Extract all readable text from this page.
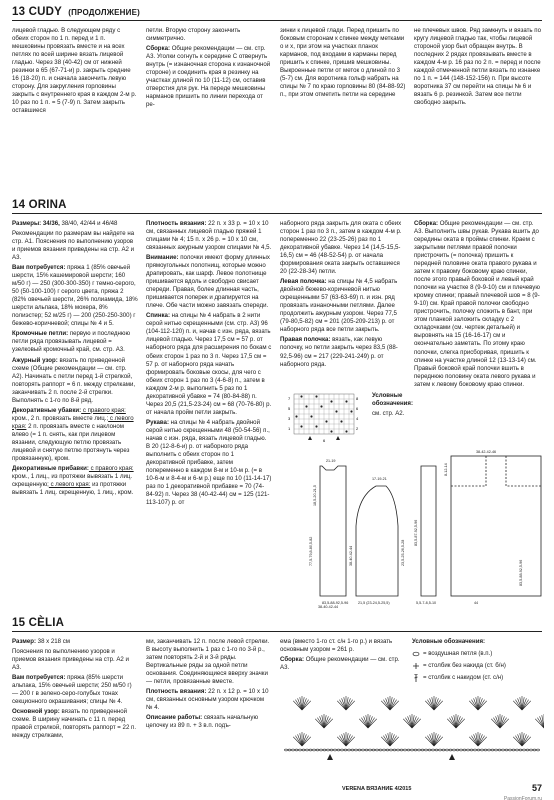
13 CUDY (ПРОДОЛЖЕНИЕ)

лицевой гладью. В следующем ряду с обеих сторон по 1 п. перед и 1 п. мешковины провязать вместе и на всех петлях по всей ширине вязать лицевой гладью. Через 38 (40-42) см от нижней резинки в 65 (67-71-и) р. закрыть средние 16 (18-20) п. и сначала закончить левую сторону. Для закругления горловины закрыть с внутреннего края в каждом 2-м р. 10 раз по 1 п. = 5 (7-9) п. Затем закрыть оставшиеся

петли. Вторую сторону закончить симметрично.

Сборка: Общие рекомендации — см. стр. А3. Уголки согнуть к середине С отвернуть внутрь (= изнаночная сторона к изнаночной стороне) и соединить края в резинку на участках длиной по 10 (11-12) см, оставив отверстия для рук. На переде мешковины нарманов пришить по линии перехода от ре-

зинки к лицевой глади. Перед пришить по боковым сторонам к спинке между метками о и х, при этом на участках планок карманов, под входами в карманы перед пришить к спинке, пришив мешковины. Выкроенные петли от меток о длиной по 3 (5-7) см. Для воротника гольф набрать на спицы № 7 по краю горловины 80 (84-88-92) п., при этом отметить петли на середине

не плечевых швов. Ряд замкнуть и вязать по кругу лицевой гладью так, чтобы лицевой стороной узор был обращен внутрь. В последних 2 рядах провязывать вместе в каждом 4-м р. 16 раз по 2 п. = перед и после каждой отмеченной петли вязать по изнанке по 1 п. = 144 (148-152-156) п. При высоте воротника 37 см перейти на спицы № 6 и вязать 6 р. резинкой. Затем все петли свободно закрыть.

14 ORINA

Размеры: 34/36, 38/40, 42/44 и 46/48

Рекомендации по размерам вы найдете на стр. А1. Пояснения по выполнению узоров и приемов вязания приведены на стр. А2 и А3.

Вам потребуется: пряжа 1 (85% овечьей шерсти, 15% кашемировой шерсти; 160 м/50 г) — 250 (300-300-350) г темно-серого, 50 (50-100-100) г серого цвета, пряжа 2 (82% овечьей шерсти, 26% полиамида, 18% шерсти альпака, 18% мохера, 8% полиэстер; 52 м/25 г) — 200 (250-250-300) г бежево-коричневой; спицы № 4 и 5.

Кромочные петли: первую и последнюю петли ряда провязывать лицевой = узелковый кромочный край, см. стр. А3.

Ажурный узор: вязать по приведенной схеме (Общие рекомендации — см. стр. А2). Начинать с петли перед 1-й стрелкой, повторять раппорт = 6 п. между стрелками, заканчивать 2 п. после 2-й стрелки. Выполнять с 1-го по 8-й ряд.

Декоративные убавки: с правого края: кром., 2 п. провязать вместе лиц.; с левого края: 2 п. провязать вместе с наклоном влево (= 1 п. снять, как при лицевом вязании, следующую петлю провязать лицевой и снятую петлю протянуть через провязанную), кром.

Декоративные прибавки: с правого края: кром., 1 лиц., из протяжки вывязать 1 лиц. скрещенную; с левого края: из протяжки вывязать 1 лиц. скрещенную, 1 лиц., кром.

Плотность вязания: 22 п. х 33 р. = 10 х 10 см, связанных лицевой гладью пряжей 1 спицами № 4; 15 п. х 26 р. = 10 х 10 см, связанных ажурным узором спицами № 4,5.

Внимание: полочки имеют форму длинных прямоугольных полотнищ, которые можно драпировать, как шарф. Левое полотнище пришивается вдоль и свободно свисает спереди. Правая, более длинная часть, пришивается поперек и драпируется на плече. Обе части можно завязать спереди.

Спинка: на спицы № 4 набрать в 2 нити серой нитью скрещенными (см. стр. А3) 96 (104-112-120) п. и, начав с изн. ряда, вязать лицевой гладью. Через 17,5 см = 57 р. от наборного ряда для расширения по бокам с обеих сторон 1 раз по 3 п. Через 17,5 см = 57 р. от наборного ряда начать формировать боковые скосы, для чего с обеих сторон 1 раз по 3 (4-6-8) п., затем в каждом 2-м р. выполнить 5 раз по 1 декоративной убавке = 74 (80-84-88) п. Через 20,5 (21,5-23-24) см = 68 (70-76-80) р. от начала пройм петли закрыть.

Рукава: на спицы № 4 набрать двойной серой нитью скрещенными 48 (50-54-56) п., начав с изн. ряда, вязать лицевой гладью. В 20 (12-8-6-и) р. от наборного ряда выполнить с обеих сторон по 1 декоративной прибавке, затем попеременно в каждом 8-м и 10-м р. (= в 10-6-м и 8-4-м и 6-м р.) еще по 10 (11-14-17) раз по 1 декоративной прибавке = 70 (74-84-92) п. Через 38 (40-42-44) см = 125 (121-113-107) р. от

наборного ряда закрыть для оката с обеих сторон 1 раз по 3 п., затем в каждом 4-м р. попеременно 22 (23-25-26) раз по 1 декоративной убавке. Через 14 (14,5-15,5-16,5) см = 46 (48-52-54) р. от начала формирования оката закрыть оставшиеся 20 (22-28-34) петли.

Левая полочка: на спицы № 4,5 набрать двойной бежево-коричневой нитью скрещенными 57 (63-63-69) п. и изн. ряд провязать изнаночными петлями. Далее продолжить ажурным узором. Через 77,5 (79-80,5-82) см = 201 (205-209-213) р. от наборного ряда все петли закрыть.

Правая полочка: вязать, как левую полочку, но петли закрыть через 83,5 (88-92,5-96) см = 217 (229-241-249) р. от наборного ряда.

Сборка: Общие рекомендации — см. стр. А3. Выполнить швы рукав. Рукава вшить до середины оката в проймы спинки. Краем с закрытыми петлями правой полочки пристрочить (= полочка) пришить к передней половине оката правого рукава и затем к правому боковому краю спинки, после этого правый боковой и левый край полочки на участке 8 (9-9-10) см и плечевую кромку спинки; правый плечевой шов = 8 (9-9-10) см. Край правой полочки свободно пристрочить, полочку сложить в бант, при этом планкой заложить складку с 2 складочками (см. чертеж детальей) и выровнять на 15 (16-16-17) см и окончательно заметать. По этому краю полочки, слегка присборивая, пришить к спинке на участке длиной 12 (13-13-14) см. Правый боковой край полочки вшить в переднюю половину оката левого рукава и затем к левому боковому краю спинки.

7
5
3
1
8
6
4
2
6

Условные обозначения:

см. стр. А2.

83,5-88-92,5-96
38-40-42-44
77,5-79,8-80,5-82
18,5-20-21,5
21-19
17-19-21
38-40-42-44	23,5-25-26,5-28
21,5 (23-24,5-25,5)	5,5-7-8,5-10
83,5-87-92,5-96
38-42-42-46
8-12-14
44
83,5-88-92,5-96
15 CÈLIA

Размер: 38 х 218 см

Пояснения по выполнению узоров и приемов вязания приведены на стр. А2 и А3.

Вам потребуется: пряжа (85% шерсти альпака, 15% овечьей шерсти; 250 м/50 г) — 200 г в зелено-серо-голубых тонах секционного окрашивания; спицы № 4.

Основной узор: вязать по приведенной схеме. В ширину начинать с 11 п. перед правой стрелкой, повторять раппорт = 22 п. между стрелками,

ми, заканчивать 12 п. после левой стрелки. В высоту выполнить 1 раз с 1-го по 3-й р., затем повторять 2-й и 3-й ряды. Вертикальные ряды за одной петли основания. Соединяющиеся вверху значки — петли, провязанные вместе.

Плотность вязания: 22 п. х 12 р. = 10 х 10 см, связанных основным узором крючком № 4.

Описание работы: связать начальную цепочку из 89 п. + 3 в.п. подъ-

ема (вместо 1-го ст. с/н 1-го р.) и вязать основным узором = 261 р.

Сборка: Общие рекомендации — см. стр. А3.

Условные обозначения:

= воздушная петля (в.п.)
= столбик без накида (ст. б/н)
= столбик с накидом (ст. с/н)
VERENA ВЯЗАНИЕ 4/2015	57
PassionForum.ru
